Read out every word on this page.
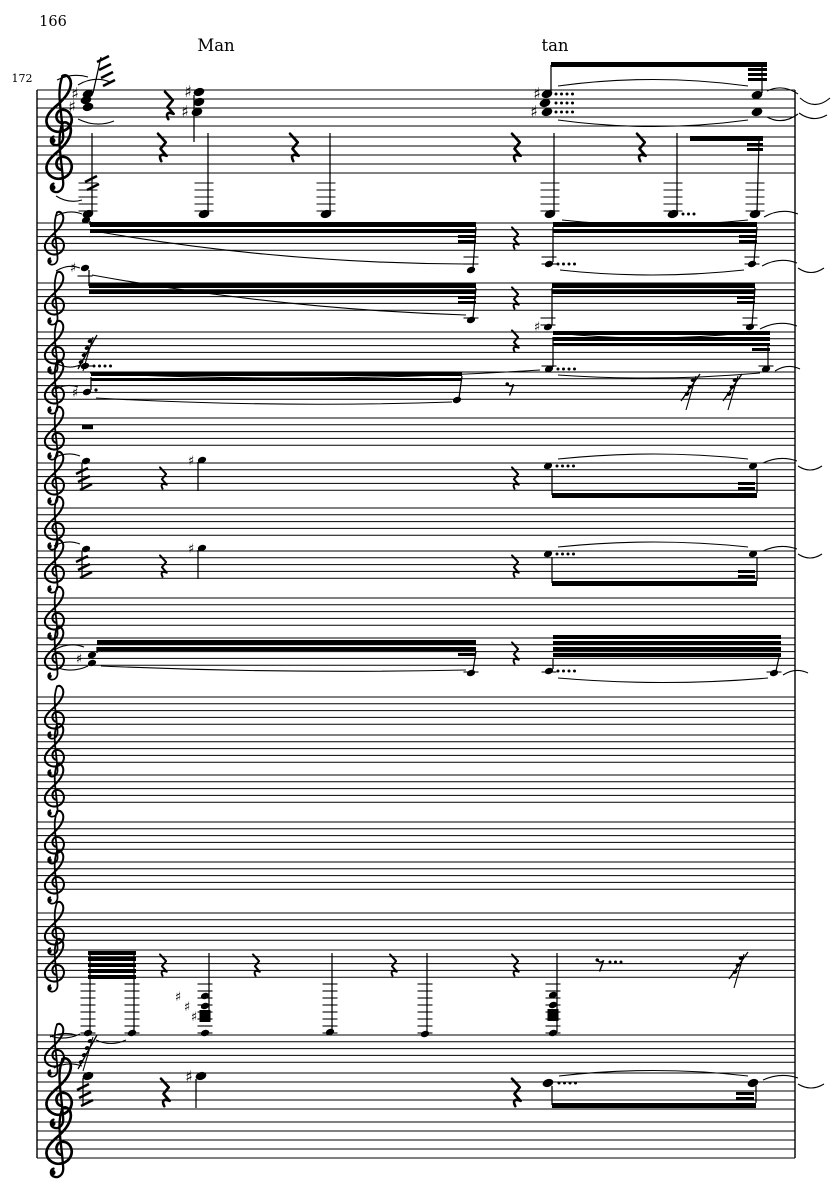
♯
♯
♯
♯
♯
♯
♯
♯
♯
♯
♯
♯
♯
♯
♯
♯
166
172
Man	tan
